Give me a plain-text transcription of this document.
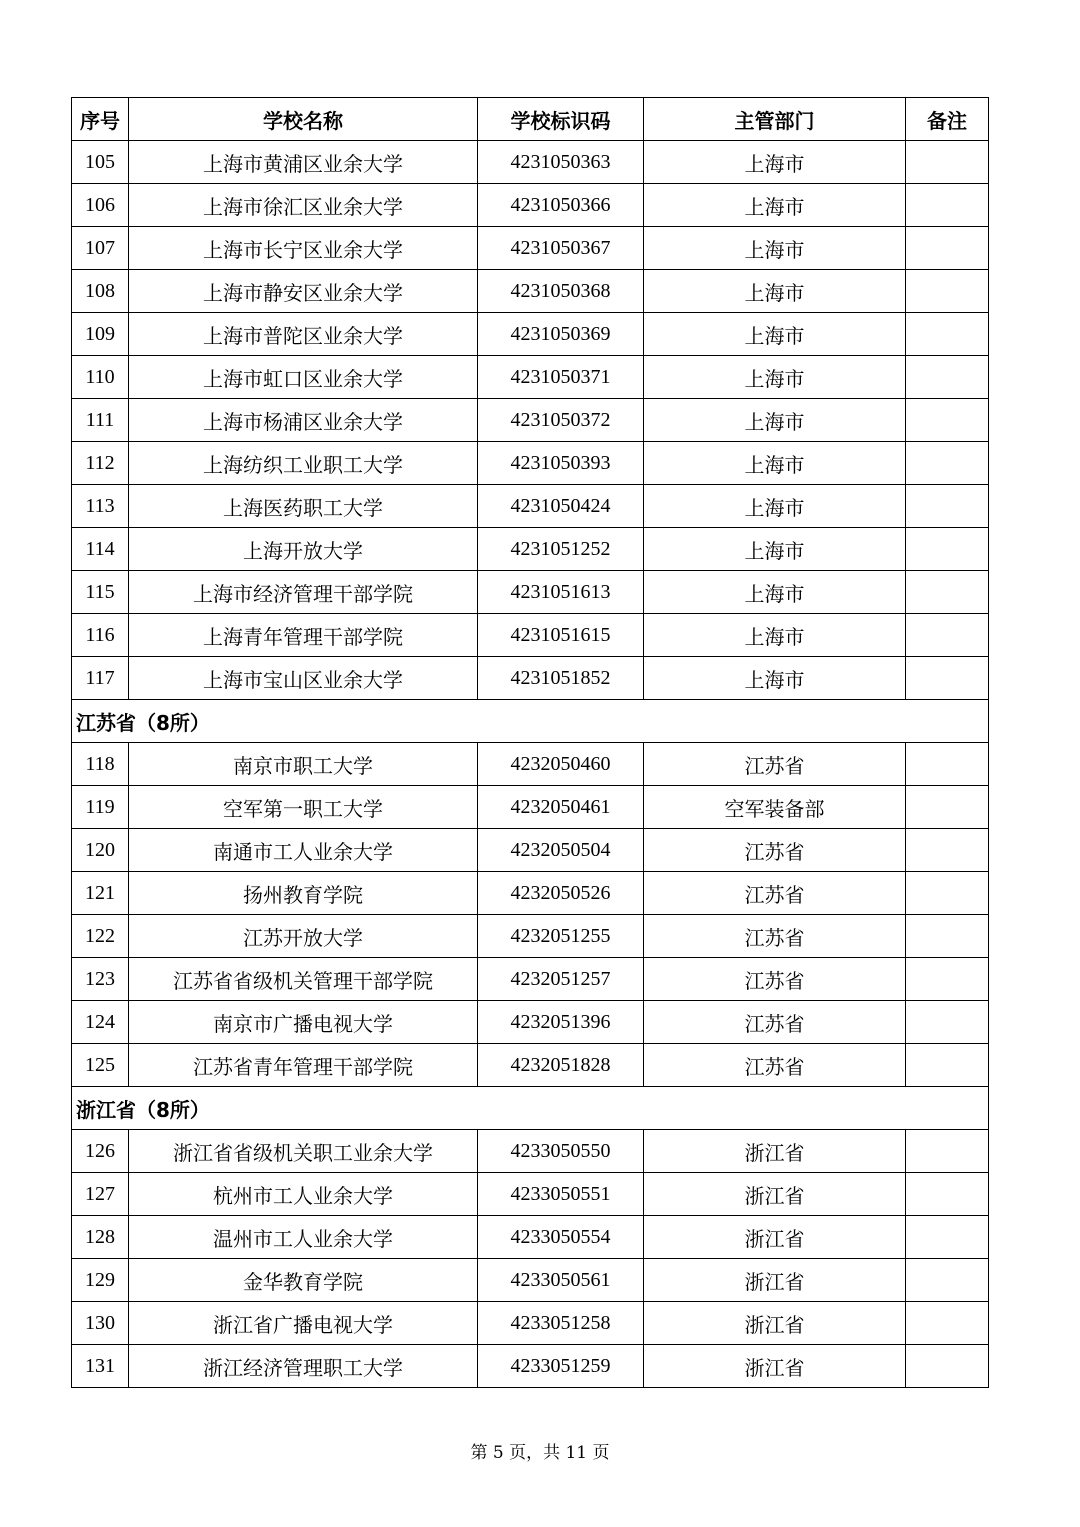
序号	学校名称	学校标识码	主管部门	备注
105	上海市黄浦区业余大学	4231050363	上海市	
106	上海市徐汇区业余大学	4231050366	上海市	
107	上海市长宁区业余大学	4231050367	上海市	
108	上海市静安区业余大学	4231050368	上海市	
109	上海市普陀区业余大学	4231050369	上海市	
110	上海市虹口区业余大学	4231050371	上海市	
111	上海市杨浦区业余大学	4231050372	上海市	
112	上海纺织工业职工大学	4231050393	上海市	
113	上海医药职工大学	4231050424	上海市	
114	上海开放大学	4231051252	上海市	
115	上海市经济管理干部学院	4231051613	上海市	
116	上海青年管理干部学院	4231051615	上海市	
117	上海市宝山区业余大学	4231051852	上海市	
江苏省（8所）				
118	南京市职工大学	4232050460	江苏省	
119	空军第一职工大学	4232050461	空军装备部	
120	南通市工人业余大学	4232050504	江苏省	
121	扬州教育学院	4232050526	江苏省	
122	江苏开放大学	4232051255	江苏省	
123	江苏省省级机关管理干部学院	4232051257	江苏省	
124	南京市广播电视大学	4232051396	江苏省	
125	江苏省青年管理干部学院	4232051828	江苏省	
浙江省（8所）				
126	浙江省省级机关职工业余大学	4233050550	浙江省	
127	杭州市工人业余大学	4233050551	浙江省	
128	温州市工人业余大学	4233050554	浙江省	
129	金华教育学院	4233050561	浙江省	
130	浙江省广播电视大学	4233051258	浙江省	
131	浙江经济管理职工大学	4233051259	浙江省	
第 5 页，共 11 页
